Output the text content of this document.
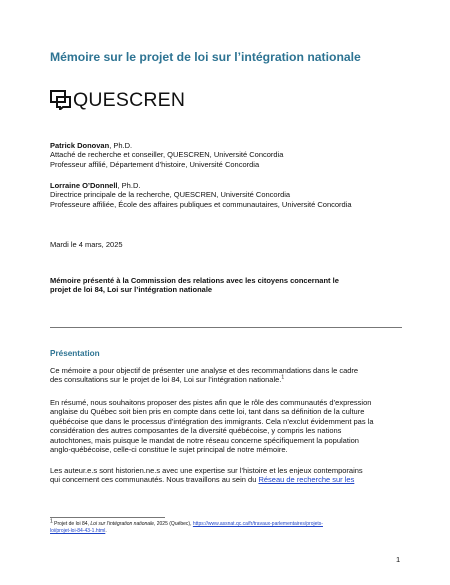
Mémoire sur le projet de loi sur l’intégration nationale
QUESCREN
Patrick Donovan, Ph.D.
Attaché de recherche et conseiller, QUESCREN, Université Concordia
Professeur affilié, Département d’histoire, Université Concordia
Lorraine O’Donnell, Ph.D.
Directrice principale de la recherche, QUESCREN, Université Concordia
Professeure affiliée, École des affaires publiques et communautaires, Université Concordia
Mardi le 4 mars, 2025
Mémoire présenté à la Commission des relations avec les citoyens concernant le
projet de loi 84, Loi sur l’intégration nationale
Présentation
Ce mémoire a pour objectif de présenter une analyse et des recommandations dans le cadre
des consultations sur le projet de loi 84, Loi sur l’intégration nationale.$^1$
En résumé, nous souhaitons proposer des pistes afin que le rôle des communautés d’expression
anglaise du Québec soit bien pris en compte dans cette loi, tant dans sa définition de la culture
québécoise que dans le processus d’intégration des immigrants. Cela n’exclut évidemment pas la
considération des autres composantes de la diversité québécoise, y compris les nations
autochtones, mais puisque le mandat de notre réseau concerne spécifiquement la population
anglo-québécoise, celle-ci constitue le sujet principal de notre mémoire.
Les auteur.e.s sont historien.ne.s avec une expertise sur l’histoire et les enjeux contemporains
qui concernent ces communautés. Nous travaillons au sein du Réseau de recherche sur les
$^1$ Projet de loi 84, Loi sur l’intégration nationale, 2025 (Québec), https://www.assnat.qc.ca/fr/travaux-parlementaires/projets-
loi/projet-loi-84-43-1.html.
1
